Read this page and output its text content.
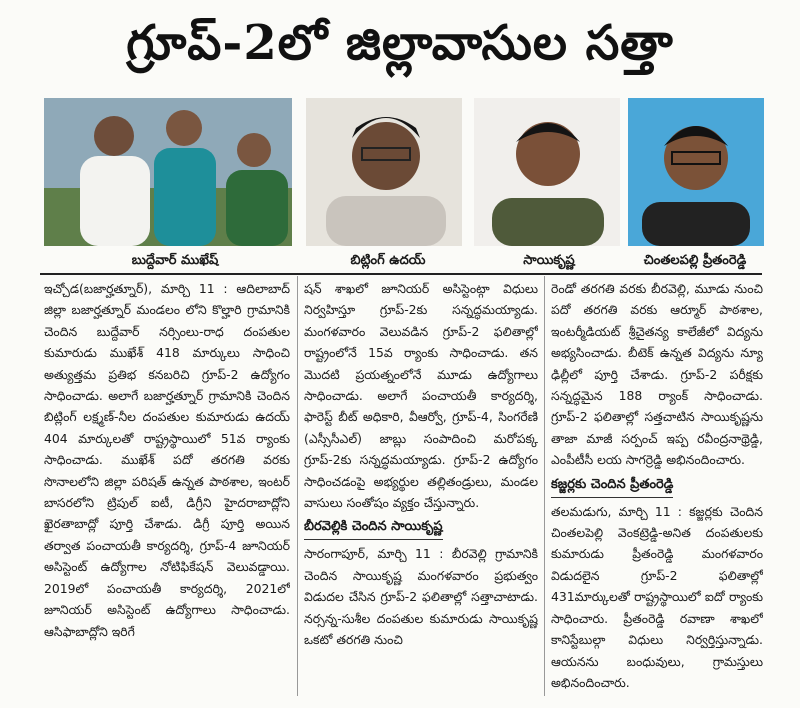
గ్రూప్-2లో జిల్లావాసుల సత్తా
బుద్దేవార్ ముఖేష్	బిట్లింగ్ ఉదయ్	సాయికృష్ణ	చింతలపల్లి ప్రీతంరెడ్డి

ఇచ్చోడ(బజార్హత్నూర్), మార్చి 11 : ఆదిలాబాద్ జిల్లా బజార్హత్నూర్ మండలం లోని కొల్హారి గ్రామానికి చెందిన బుద్దేవార్ నర్సింలు-రాధ దంపతుల కుమారుడు ముఖేశ్ 418 మార్కులు సాధించి అత్యుత్తమ ప్రతిభ కనబరిచి గ్రూప్-2 ఉద్యోగం సాధించాడు. అలాగే బజార్హత్నూర్ గ్రామానికి చెందిన బిట్లింగ్ లక్ష్మణ్-నీల దంపతుల కుమారుడు ఉదయ్ 404 మార్కులతో రాష్ట్రస్థాయిలో 51వ ర్యాంకు సాధించాడు. ముఖేశ్ పదో తరగతి వరకు సొనాలలోని జిల్లా పరిషత్ ఉన్నత పాఠశాల, ఇంటర్ బాసరలోని ట్రిపుల్ ఐటీ, డిగ్రీని హైదరాబాద్లోని ఖైరతాబాద్లో పూర్తి చేశాడు. డిగ్రీ పూర్తి అయిన తర్వాత పంచాయతీ కార్యదర్శి, గ్రూప్-4 జూనియర్ అసిస్టెంట్ ఉద్యోగాల నోటిఫికేషన్ వెలువడ్డాయి. 2019లో పంచాయతీ కార్యదర్శి, 2021లో జూనియర్ అసిస్టెంట్ ఉద్యోగాలు సాధించాడు. ఆసిఫాబాద్లోని ఇరిగే

షన్ శాఖలో జూనియర్ అసిస్టెంట్గా విధులు నిర్వహిస్తూ గ్రూప్-2కు సన్నద్ధమయ్యాడు. మంగళవారం వెలువడిన గ్రూప్-2 ఫలితాల్లో రాష్ట్రంలోనే 15వ ర్యాంకు సాధించాడు. తన మొదటి ప్రయత్నంలోనే మూడు ఉద్యోగాలు సాధించాడు. అలాగే పంచాయతీ కార్యదర్శి, ఫారెస్ట్ బీట్ అధికారి, వీఆర్వో, గ్రూప్-4, సింగరేణి (ఎస్సీసీఎల్) జాబ్లు సంపాదించి మరోపక్క గ్రూప్-2కు సన్నద్ధమయ్యాడు. గ్రూప్-2 ఉద్యోగం సాధించడంపై అభ్యర్థుల తల్లితండ్రులు, మండల వాసులు సంతోషం వ్యక్తం చేస్తున్నారు.

బీరవెల్లికి చెందిన సాయికృష్ణ

సారంగాపూర్, మార్చి 11 : బీరవెల్లి గ్రామానికి చెందిన సాయికృష్ణ మంగళవారం ప్రభుత్వం విడుదల చేసిన గ్రూప్-2 ఫలితాల్లో సత్తాచాటాడు. నర్సన్న-సుశీల దంపతుల కుమారుడు సాయికృష్ణ ఒకటో తరగతి నుంచి

రెండో తరగతి వరకు బీరవెల్లి, మూడు నుంచి పదో తరగతి వరకు ఆర్మూర్ పాఠశాల, ఇంటర్మీడియట్ శ్రీచైతన్య కాలేజీలో విద్యను అభ్యసించాడు. బీటెక్ ఉన్నత విద్యను న్యూ ఢిల్లీలో పూర్తి చేశాడు. గ్రూప్-2 పరీక్షకు సన్నద్ధమైన 188 ర్యాంక్ సాధించాడు. గ్రూప్-2 ఫలితాల్లో సత్తచాటిన సాయికృష్ణను తాజా మాజీ సర్పంచ్ ఇప్ప రవీంద్రనాథ్రెడ్డి, ఎంపీటీసీ లయ సాగర్రెడ్డి అభినందించారు.

కజ్జర్లకు చెందిన ప్రీతంరెడ్డి

తలమడుగు, మార్చి 11 : కజ్జర్లకు చెందిన చింతలపెల్లి వెంకట్రెడ్డి-అనిత దంపతులకు కుమారుడు ప్రీతంరెడ్డి మంగళవారం విడుదలైన గ్రూప్-2 ఫలితాల్లో 431మార్కులతో రాష్ట్రస్థాయిలో ఐదో ర్యాంకు సాధించారు. ప్రీతంరెడ్డి రవాణా శాఖలో కానిస్టేబుల్గా విధులు నిర్వర్తిస్తున్నాడు. ఆయనను బంధువులు, గ్రామస్తులు అభినందించారు.
